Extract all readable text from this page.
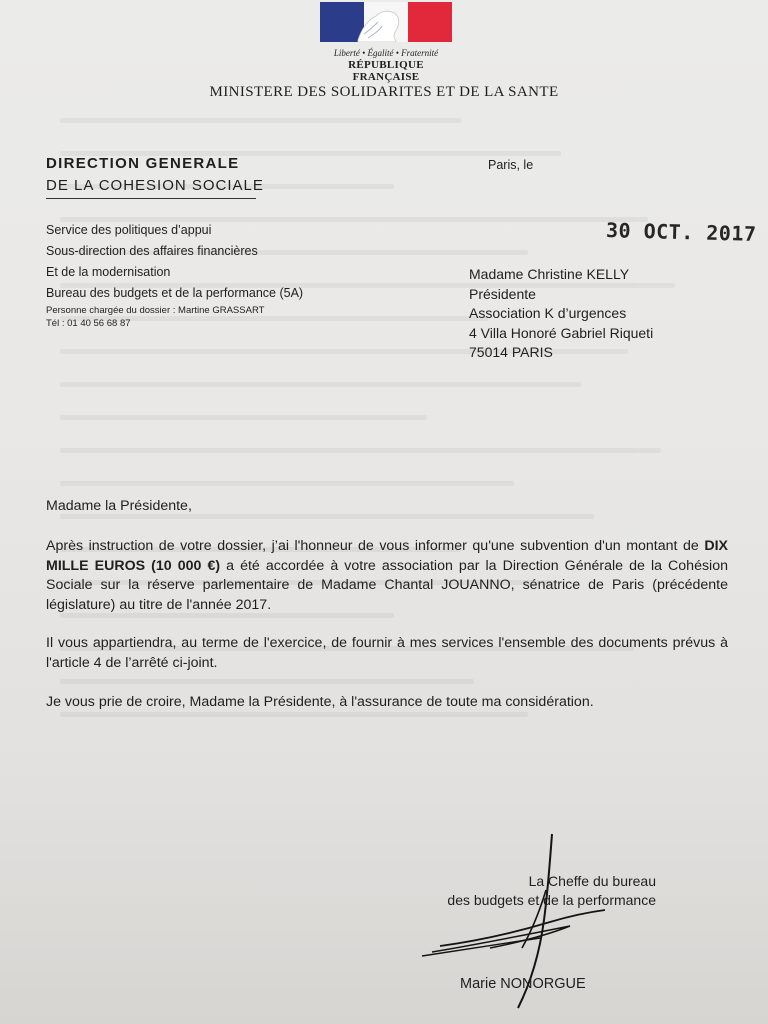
Liberté • Égalité • Fraternité
RÉPUBLIQUE FRANÇAISE
MINISTERE DES SOLIDARITES ET DE LA SANTE
DIRECTION GENERALE
DE LA COHESION SOCIALE
Service des politiques d’appui
Sous-direction des affaires financières
Et de la modernisation
Bureau des budgets et de la performance (5A)
Personne chargée du dossier : Martine GRASSART
Tél : 01 40 56 68 87
Paris, le
30 OCT. 2017
Madame Christine KELLY
Présidente
Association K d’urgences
4 Villa Honoré Gabriel Riqueti
75014 PARIS

Madame la Présidente,

Après instruction de votre dossier, j’ai l'honneur de vous informer qu'une subvention d'un montant de DIX MILLE EUROS (10 000 €) a été accordée à votre association par la Direction Générale de la Cohésion Sociale sur la réserve parlementaire de Madame Chantal JOUANNO, sénatrice de Paris (précédente législature) au titre de l'année 2017.

Il vous appartiendra, au terme de l'exercice, de fournir à mes services l'ensemble des documents prévus à l'article 4 de l’arrêté ci-joint.

Je vous prie de croire, Madame la Présidente, à l'assurance de toute ma considération.

La Cheffe du bureau
des budgets et de la performance
Marie NONORGUE
